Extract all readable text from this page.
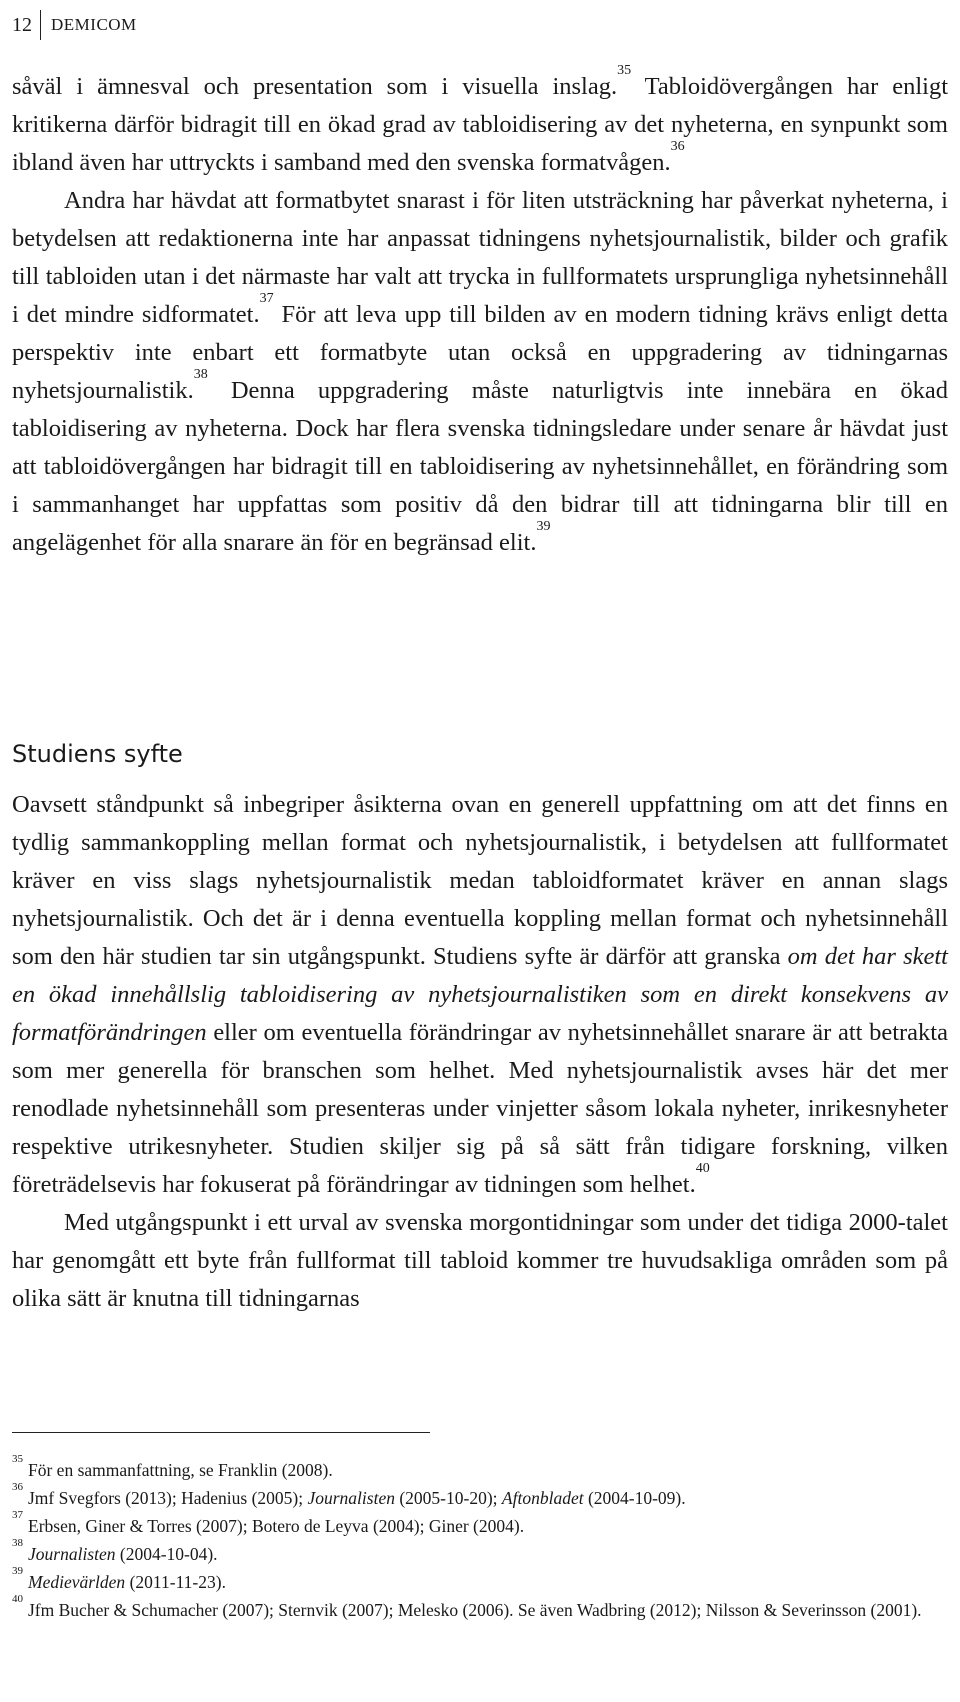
12	DEMICOM

såväl i ämnesval och presentation som i visuella inslag.$^{35}$ Tabloidövergången har enligt kritikerna därför bidragit till en ökad grad av tabloidisering av det nyheterna, en synpunkt som ibland även har uttryckts i samband med den svenska formatvågen.$^{36}$

Andra har hävdat att formatbytet snarast i för liten utsträckning har påverkat nyheterna, i betydelsen att redaktionerna inte har anpassat tidningens nyhetsjournalistik, bilder och grafik till tabloiden utan i det närmaste har valt att trycka in fullformatets ursprungliga nyhetsinnehåll i det mindre sidformatet.$^{37}$ För att leva upp till bilden av en modern tidning krävs enligt detta perspektiv inte enbart ett formatbyte utan också en uppgradering av tidningarnas nyhetsjournalistik.$^{38}$ Denna uppgradering måste naturligtvis inte innebära en ökad tabloidisering av nyheterna. Dock har flera svenska tidningsledare under senare år hävdat just att tabloidövergången har bidragit till en tabloidisering av nyhetsinnehållet, en förändring som i sammanhanget har uppfattas som positiv då den bidrar till att tidningarna blir till en angelägenhet för alla snarare än för en begränsad elit.$^{39}$

Studiens syfte

Oavsett ståndpunkt så inbegriper åsikterna ovan en generell uppfattning om att det finns en tydlig sammankoppling mellan format och nyhetsjournalistik, i betydelsen att fullformatet kräver en viss slags nyhetsjournalistik medan tabloidformatet kräver en annan slags nyhetsjournalistik. Och det är i denna eventuella koppling mellan format och nyhetsinnehåll som den här studien tar sin utgångspunkt. Studiens syfte är därför att granska om det har skett en ökad innehållslig tabloidisering av nyhetsjournalistiken som en direkt konsekvens av formatförändringen eller om eventuella förändringar av nyhetsinnehållet snarare är att betrakta som mer generella för branschen som helhet. Med nyhetsjournalistik avses här det mer renodlade nyhetsinnehåll som presenteras under vinjetter såsom lokala nyheter, inrikesnyheter respektive utrikesnyheter. Studien skiljer sig på så sätt från tidigare forskning, vilken företrädelsevis har fokuserat på förändringar av tidningen som helhet.$^{40}$

Med utgångspunkt i ett urval av svenska morgontidningar som under det tidiga 2000-talet har genomgått ett byte från fullformat till tabloid kommer tre huvudsakliga områden som på olika sätt är knutna till tidningarnas

$^{35}$För en sammanfattning, se Franklin (2008).

$^{36}$Jmf Svegfors (2013); Hadenius (2005); Journalisten (2005-10-20); Aftonbladet (2004-10-09).

$^{37}$Erbsen, Giner & Torres (2007); Botero de Leyva (2004); Giner (2004).

$^{38}$Journalisten (2004-10-04).

$^{39}$Medievärlden (2011-11-23).

$^{40}$Jfm Bucher & Schumacher (2007); Sternvik (2007); Melesko (2006). Se även Wadbring (2012); Nilsson & Severinsson (2001).
